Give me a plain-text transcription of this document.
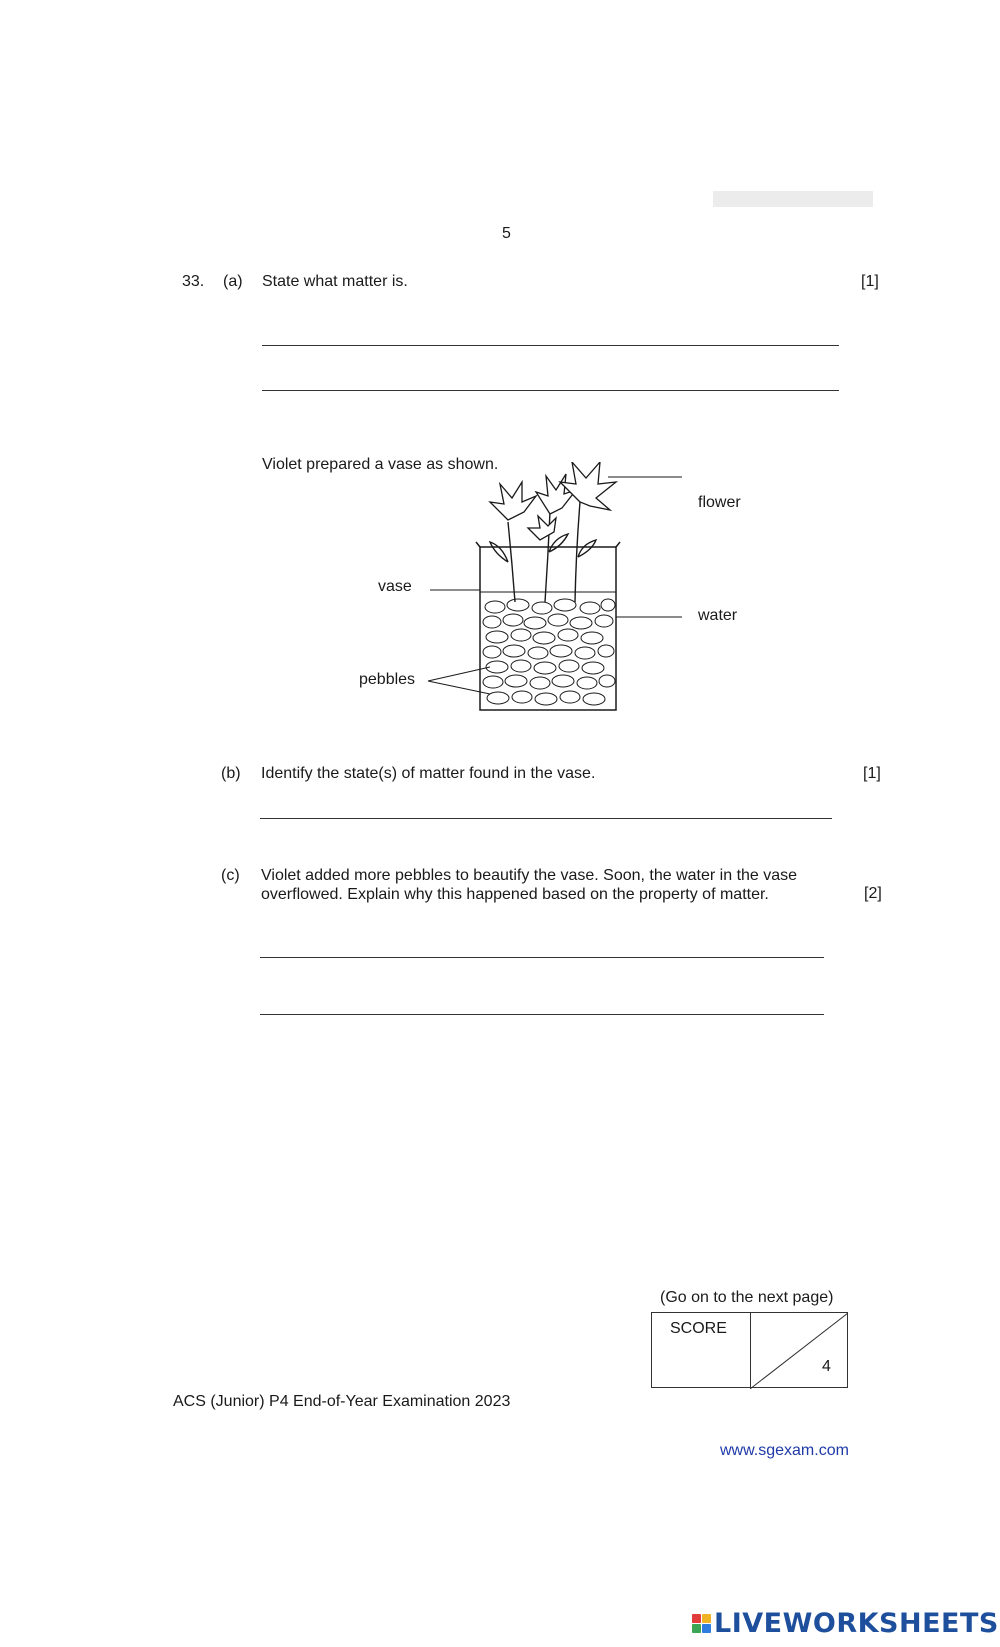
5
33. (a) State what matter is.	[1]
Violet prepared a vase as shown.
flower
vase
water
pebbles
(b) Identify the state(s) of matter found in the vase.	[1]
(c) Violet added more pebbles to beautify the vase. Soon, the water in the vase
overflowed. Explain why this happened based on the property of matter.	[2]
(Go on to the next page)
SCORE
4
ACS (Junior) P4 End-of-Year Examination 2023
www.sgexam.com
LIVEWORKSHEETS
